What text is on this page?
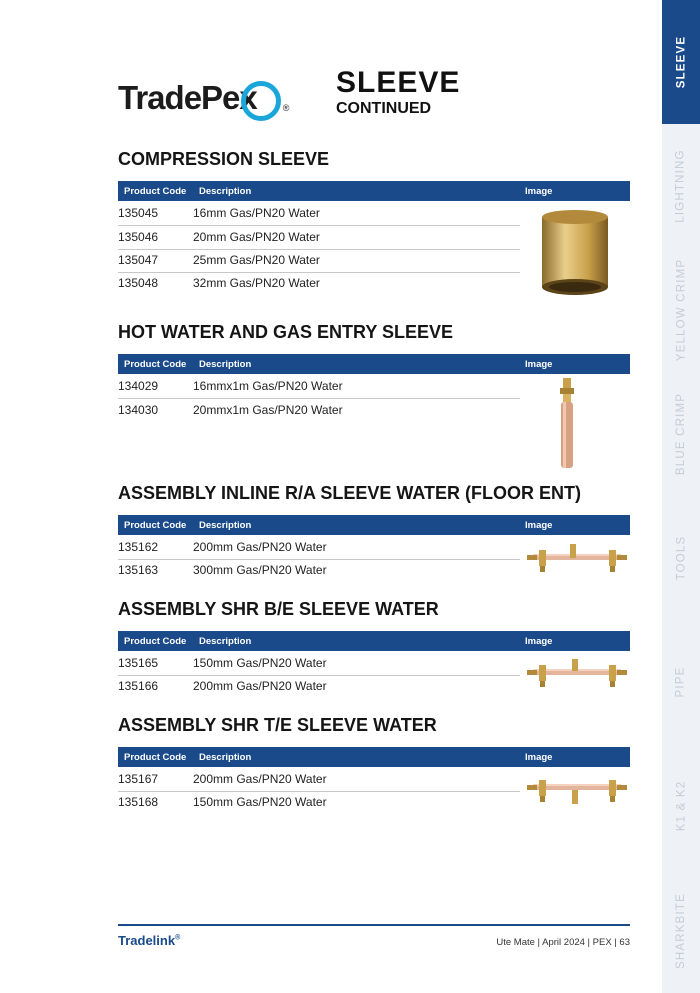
TradePex	®
SLEEVE
CONTINUED
SLEEVE
LIGHTNING
YELLOW CRIMP
BLUE CRIMP
TOOLS
PIPE
K1 & K2
SHARKBITE
COMPRESSION SLEEVE
Product Code Description	Image
135045	16mm Gas/PN20 Water
135046	20mm Gas/PN20 Water
135047	25mm Gas/PN20 Water
135048	32mm Gas/PN20 Water
HOT WATER AND GAS ENTRY SLEEVE
Product Code Description	Image
134029	16mmx1m Gas/PN20 Water
134030	20mmx1m Gas/PN20 Water
ASSEMBLY INLINE R/A SLEEVE WATER (FLOOR ENT)
Product Code Description	Image
135162	200mm Gas/PN20 Water
135163	300mm Gas/PN20 Water
ASSEMBLY SHR B/E SLEEVE WATER
Product Code Description	Image
135165	150mm Gas/PN20 Water
135166	200mm Gas/PN20 Water
ASSEMBLY SHR T/E SLEEVE WATER
Product Code Description	Image
135167	200mm Gas/PN20 Water
135168	150mm Gas/PN20 Water
Tradelink®	Ute Mate | April 2024 | PEX | 63
